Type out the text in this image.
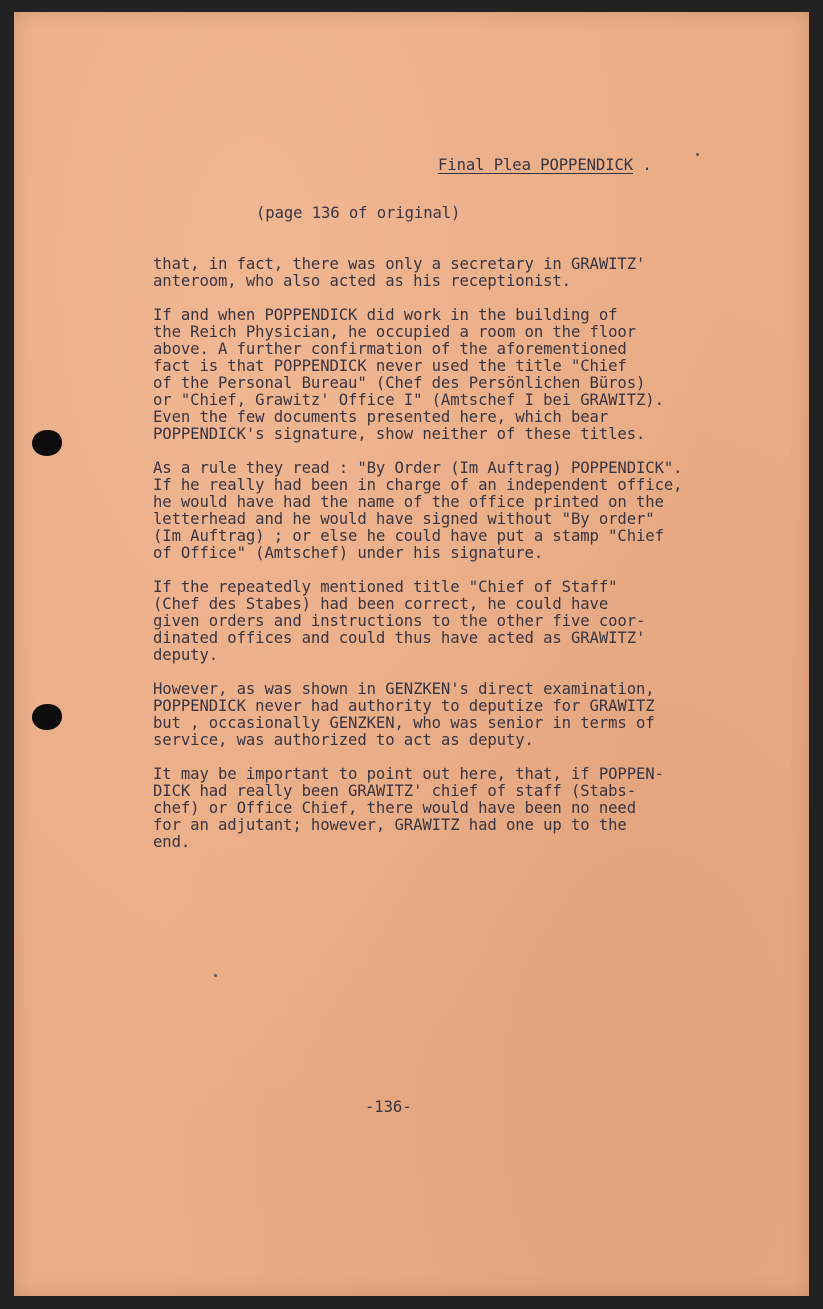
Final Plea POPPENDICK .
(page 136 of original)
that, in fact, there was only a secretary in GRAWITZ'
anteroom, who also acted as his receptionist.
If and when POPPENDICK did work in the building of
the Reich Physician, he occupied a room on the floor
above. A further confirmation of the aforementioned
fact is that POPPENDICK never used the title "Chief
of the Personal Bureau" (Chef des Persönlichen Büros)
or "Chief, Grawitz' Office I" (Amtschef I bei GRAWITZ).
Even the few documents presented here, which bear
POPPENDICK's signature, show neither of these titles.
As a rule they read : "By Order (Im Auftrag) POPPENDICK".
If he really had been in charge of an independent office,
he would have had the name of the office printed on the
letterhead and he would have signed without "By order"
(Im Auftrag) ; or else he could have put a stamp "Chief
of Office" (Amtschef) under his signature.
If the repeatedly mentioned title "Chief of Staff"
(Chef des Stabes) had been correct, he could have
given orders and instructions to the other five coor-
dinated offices and could thus have acted as GRAWITZ'
deputy.
However, as was shown in GENZKEN's direct examination,
POPPENDICK never had authority to deputize for GRAWITZ
but , occasionally GENZKEN, who was senior in terms of
service, was authorized to act as deputy.
It may be important to point out here, that, if POPPEN-
DICK had really been GRAWITZ' chief of staff (Stabs-
chef) or Office Chief, there would have been no need
for an adjutant; however, GRAWITZ had one up to the
end.
-136-
